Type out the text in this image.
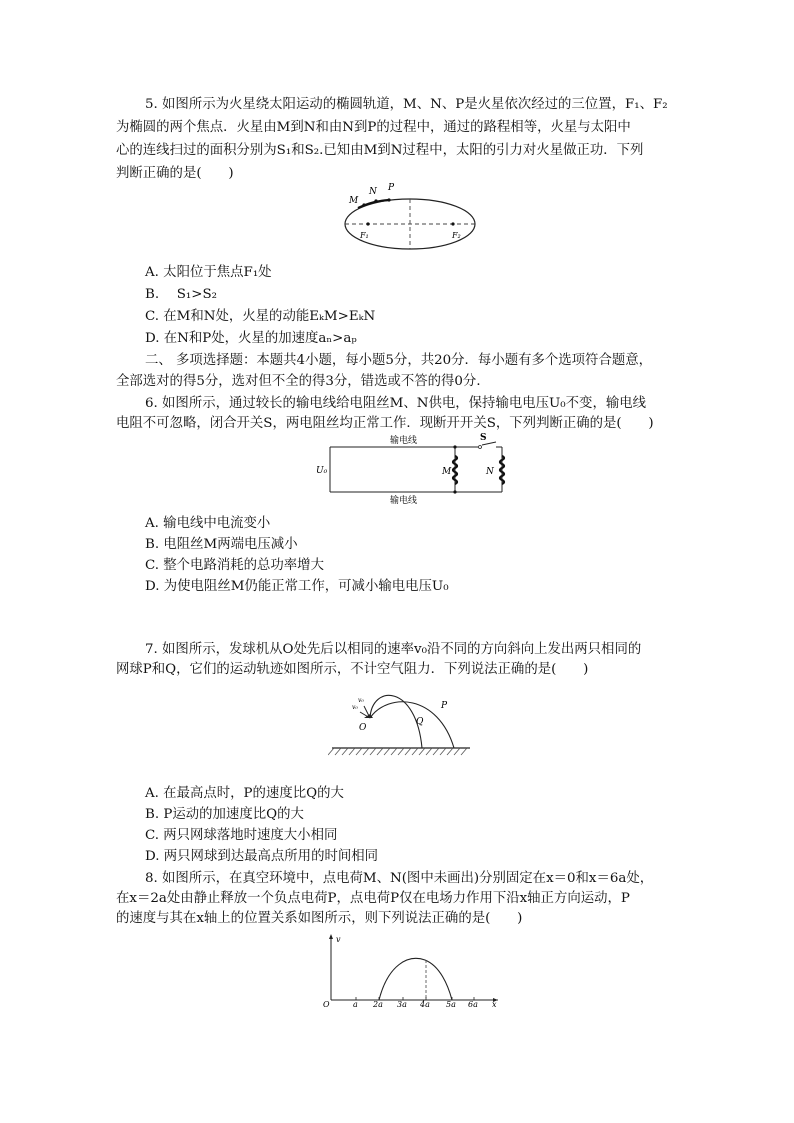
5. 如图所示为火星绕太阳运动的椭圆轨道，M、N、P是火星依次经过的三位置，F₁、F₂
为椭圆的两个焦点．火星由M到N和由N到P的过程中，通过的路程相等，火星与太阳中
心的连线扫过的面积分别为S₁和S₂.已知由M到N过程中，太阳的引力对火星做正功．下列
判断正确的是(　　)
M
N P
F₁	F₂
A. 太阳位于焦点F₁处
B.　 S₁>S₂
C. 在M和N处，火星的动能EₖM>EₖN
D. 在N和P处，火星的加速度aₙ>aₚ
二、 多项选择题：本题共4小题，每小题5分，共20分．每小题有多个选项符合题意，
全部选对的得5分，选对但不全的得3分，错选或不答的得0分．
6. 如图所示，通过较长的输电线给电阻丝M、N供电，保持输电电压U₀不变，输电线
电阻不可忽略，闭合开关S，两电阻丝均正常工作．现断开开关S，下列判断正确的是(　　)
输电线
输电线
S
U₀	M	N
A. 输电线中电流变小
B. 电阻丝M两端电压减小
C. 整个电路消耗的总功率增大
D. 为使电阻丝M仍能正常工作，可减小输电电压U₀
7. 如图所示，发球机从O处先后以相同的速率v₀沿不同的方向斜向上发出两只相同的
网球P和Q，它们的运动轨迹如图所示，不计空气阻力．下列说法正确的是(　　)
O
P
Q
v₀
v₀
A. 在最高点时，P的速度比Q的大
B. P运动的加速度比Q的大
C. 两只网球落地时速度大小相同
D. 两只网球到达最高点所用的时间相同
8. 如图所示，在真空环境中，点电荷M、N(图中未画出)分别固定在x＝0和x＝6a处，
在x＝2a处由静止释放一个负点电荷P，点电荷P仅在电场力作用下沿x轴正方向运动，P
的速度与其在x轴上的位置关系如图所示，则下列说法正确的是(　　)
v
x
O	a 2a 3a 4a 5a 6a
